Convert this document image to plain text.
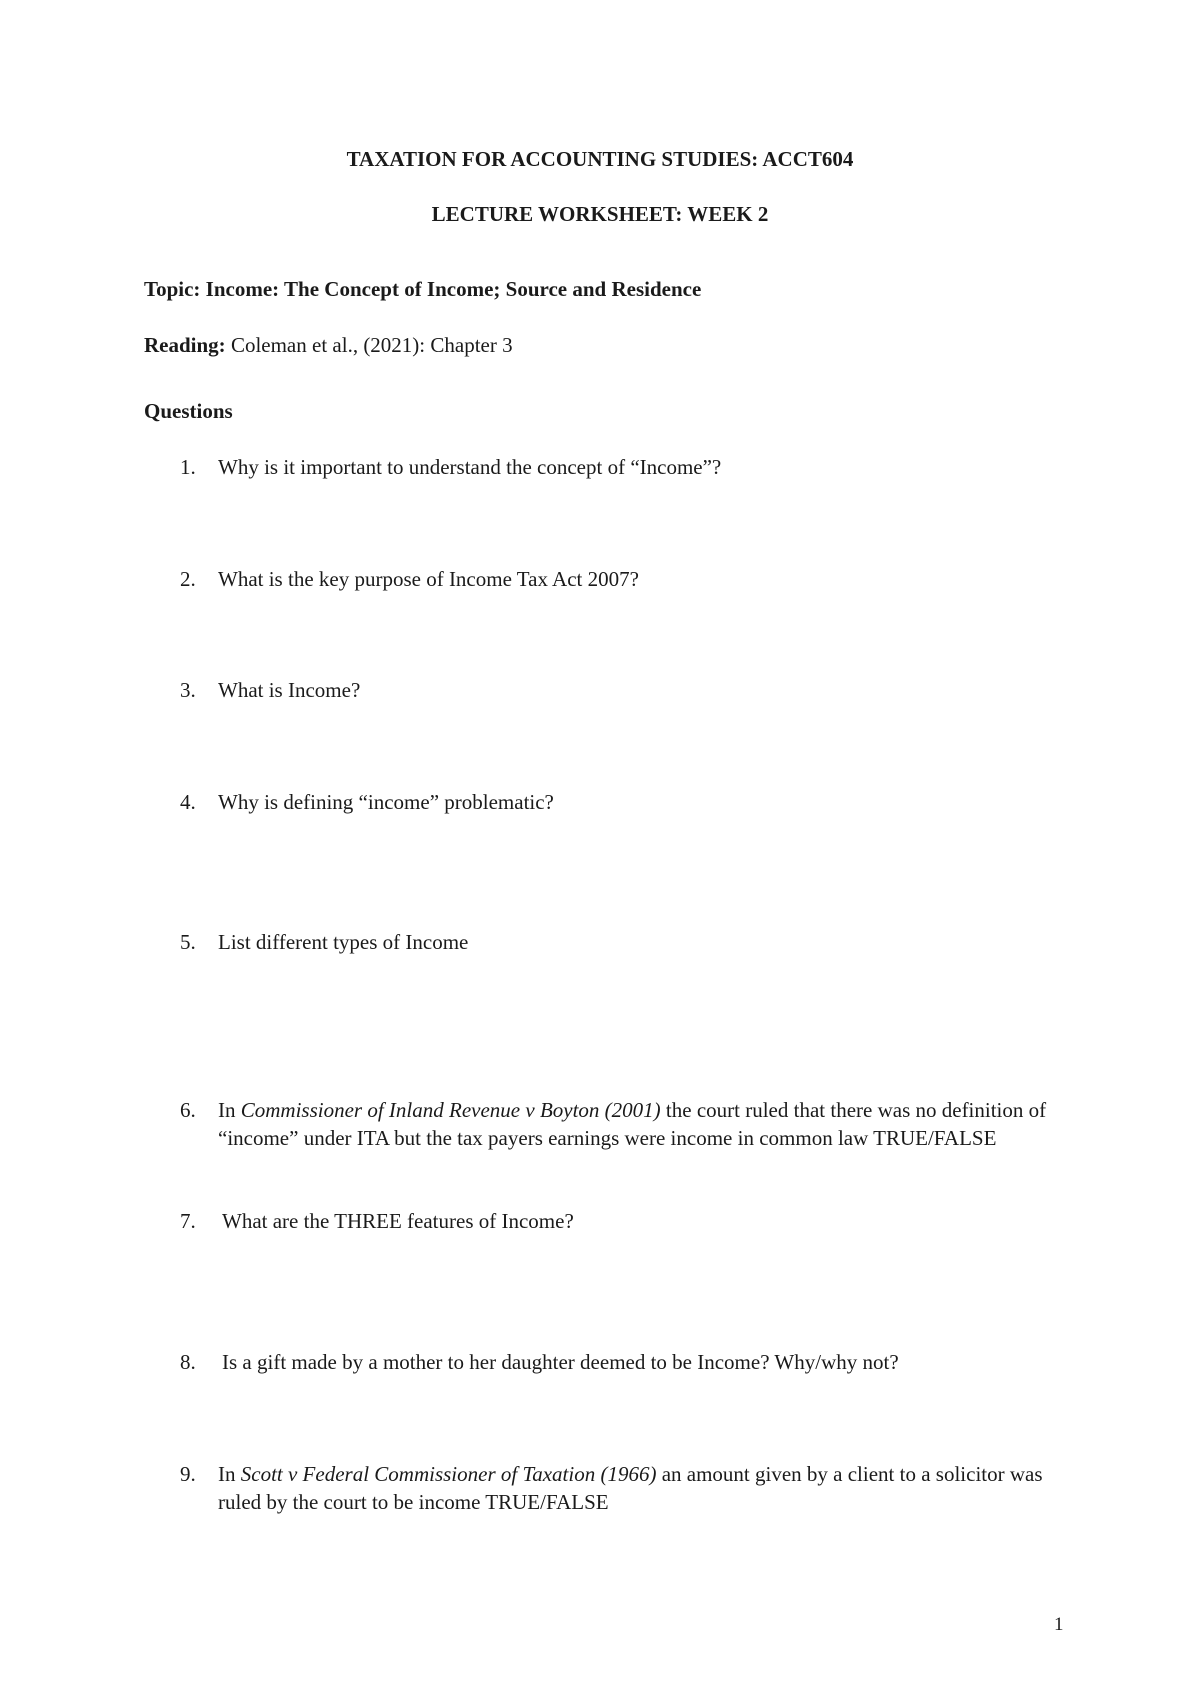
TAXATION FOR ACCOUNTING STUDIES: ACCT604
LECTURE WORKSHEET: WEEK 2
Topic: Income: The Concept of Income; Source and Residence
Reading: Coleman et al., (2021): Chapter 3
Questions
1.	Why is it important to understand the concept of “Income”?
2.	What is the key purpose of Income Tax Act 2007?
3.	What is Income?
4.	Why is defining “income” problematic?
5.	List different types of Income
6.	In Commissioner of Inland Revenue v Boyton (2001) the court ruled that there was no definition of “income” under ITA but the tax payers earnings were income in common law TRUE/FALSE
7.	What are the THREE features of Income?
8.	Is a gift made by a mother to her daughter deemed to be Income? Why/why not?
9.	In Scott v Federal Commissioner of Taxation (1966) an amount given by a client to a solicitor was ruled by the court to be income TRUE/FALSE
1
